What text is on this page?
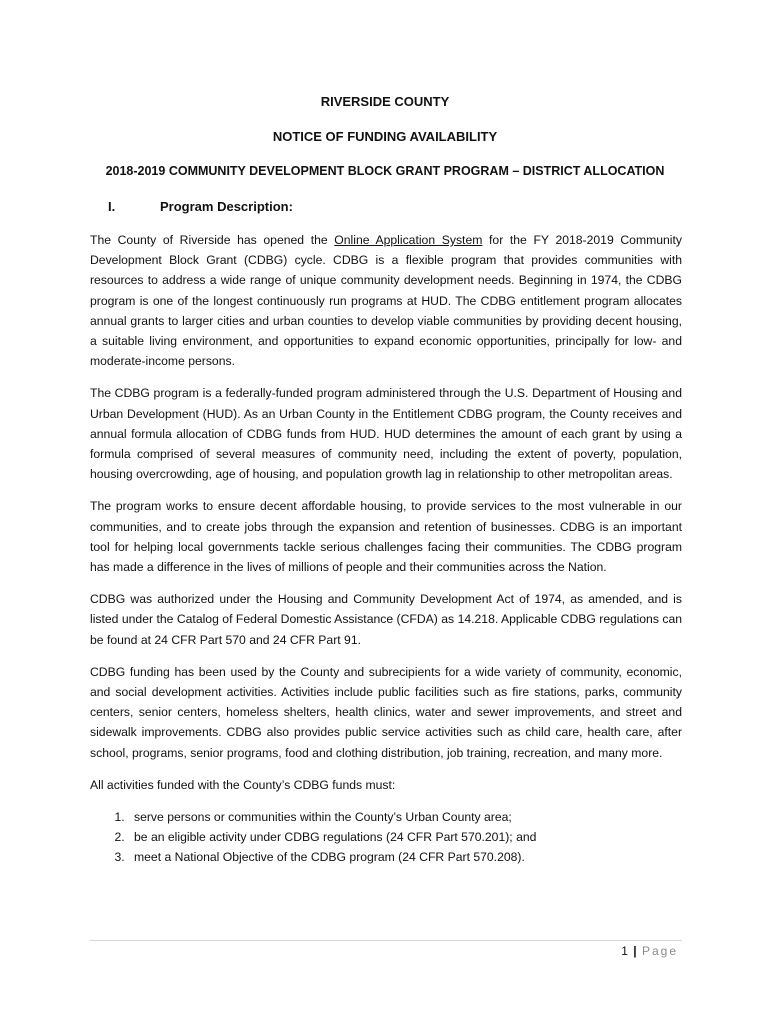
RIVERSIDE COUNTY
NOTICE OF FUNDING AVAILABILITY
2018-2019 COMMUNITY DEVELOPMENT BLOCK GRANT PROGRAM – DISTRICT ALLOCATION
I.	Program Description:

The County of Riverside has opened the Online Application System for the FY 2018-2019 Community Development Block Grant (CDBG) cycle. CDBG is a flexible program that provides communities with resources to address a wide range of unique community development needs. Beginning in 1974, the CDBG program is one of the longest continuously run programs at HUD. The CDBG entitlement program allocates annual grants to larger cities and urban counties to develop viable communities by providing decent housing, a suitable living environment, and opportunities to expand economic opportunities, principally for low- and moderate-income persons.

The CDBG program is a federally-funded program administered through the U.S. Department of Housing and Urban Development (HUD). As an Urban County in the Entitlement CDBG program, the County receives and annual formula allocation of CDBG funds from HUD. HUD determines the amount of each grant by using a formula comprised of several measures of community need, including the extent of poverty, population, housing overcrowding, age of housing, and population growth lag in relationship to other metropolitan areas.

The program works to ensure decent affordable housing, to provide services to the most vulnerable in our communities, and to create jobs through the expansion and retention of businesses. CDBG is an important tool for helping local governments tackle serious challenges facing their communities. The CDBG program has made a difference in the lives of millions of people and their communities across the Nation.

CDBG was authorized under the Housing and Community Development Act of 1974, as amended, and is listed under the Catalog of Federal Domestic Assistance (CFDA) as 14.218. Applicable CDBG regulations can be found at 24 CFR Part 570 and 24 CFR Part 91.

CDBG funding has been used by the County and subrecipients for a wide variety of community, economic, and social development activities. Activities include public facilities such as fire stations, parks, community centers, senior centers, homeless shelters, health clinics, water and sewer improvements, and street and sidewalk improvements. CDBG also provides public service activities such as child care, health care, after school, programs, senior programs, food and clothing distribution, job training, recreation, and many more.

All activities funded with the County’s CDBG funds must:

1. serve persons or communities within the County’s Urban County area;
2. be an eligible activity under CDBG regulations (24 CFR Part 570.201); and
3. meet a National Objective of the CDBG program (24 CFR Part 570.208).
1 | Page
